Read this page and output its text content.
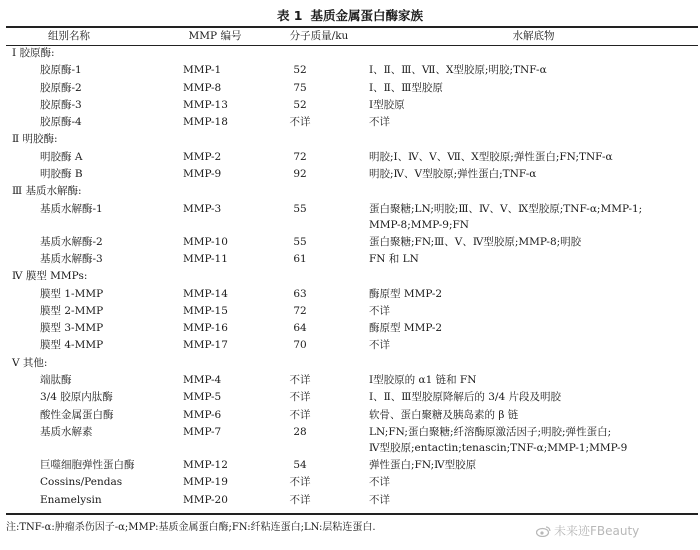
表 1 基质金属蛋白酶家族
组别名称	MMP 编号	分子质量/ku	水解底物
Ⅰ 胶原酶:			
胶原酶-1	MMP-1	52	Ⅰ、Ⅱ、Ⅲ、Ⅶ、Ⅹ型胶原;明胶;TNF-α

胶原酶-2	MMP-8	75	Ⅰ、Ⅱ、Ⅲ型胶原

胶原酶-3	MMP-13	52	Ⅰ型胶原

胶原酶-4	MMP-18	不详	不详

Ⅱ 明胶酶:			
明胶酶 A	MMP-2	72	明胶;Ⅰ、Ⅳ、Ⅴ、Ⅶ、Ⅹ型胶原;弹性蛋白;FN;TNF-α

明胶酶 B	MMP-9	92	明胶;Ⅳ、Ⅴ型胶原;弹性蛋白;TNF-α

Ⅲ 基质水解酶:			
基质水解酶-1	MMP-3	55	蛋白聚糖;LN;明胶;Ⅲ、Ⅳ、Ⅴ、Ⅸ型胶原;TNF-α;MMP-1;
MMP-8;MMP-9;FN

基质水解酶-2	MMP-10	55	蛋白聚糖;FN;Ⅲ、Ⅴ、Ⅳ型胶原;MMP-8;明胶

基质水解酶-3	MMP-11	61	FN 和 LN

Ⅳ 膜型 MMPs:			
膜型 1-MMP	MMP-14	63	酶原型 MMP-2

膜型 2-MMP	MMP-15	72	不详

膜型 3-MMP	MMP-16	64	酶原型 MMP-2

膜型 4-MMP	MMP-17	70	不详

Ⅴ 其他:			
端肽酶	MMP-4	不详	Ⅰ型胶原的 α1 链和 FN

3/4 胶原内肽酶	MMP-5	不详	Ⅰ、Ⅱ、Ⅲ型胶原降解后的 3/4 片段及明胶

酸性金属蛋白酶	MMP-6	不详	软骨、蛋白聚糖及胰岛素的 β 链

基质水解素	MMP-7	28	LN;FN;蛋白聚糖;纤溶酶原激活因子;明胶;弹性蛋白;
Ⅳ型胶原;entactin;tenascin;TNF-α;MMP-1;MMP-9

巨噬细胞弹性蛋白酶	MMP-12	54	弹性蛋白;FN;Ⅳ型胶原

Cossins/Pendas	MMP-19	不详	不详

Enamelysin	MMP-20	不详	不详
注:TNF-α:肿瘤杀伤因子-α;MMP:基质金属蛋白酶;FN:纤粘连蛋白;LN:层粘连蛋白.	未来迹FBeauty
